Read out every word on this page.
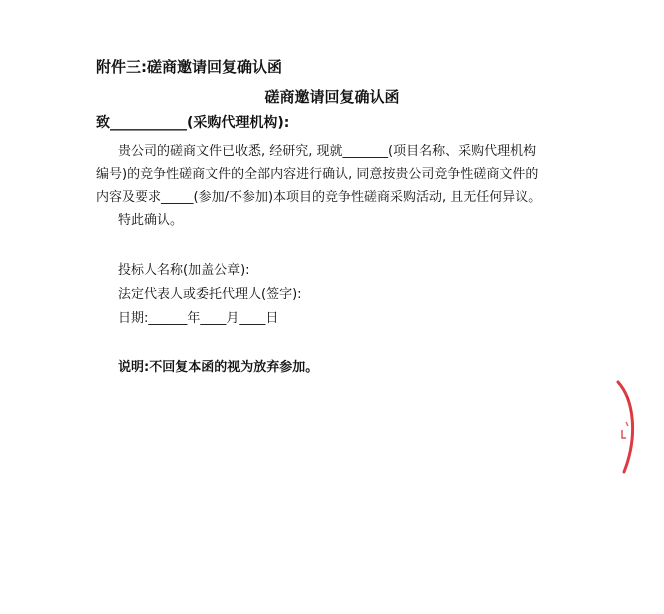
附件三:磋商邀请回复确认函
磋商邀请回复确认函
致___________(采购代理机构):
贵公司的磋商文件已收悉, 经研究, 现就_______(项目名称、采购代理机构
编号)的竞争性磋商文件的全部内容进行确认, 同意按贵公司竞争性磋商文件的
内容及要求_____(参加/不参加)本项目的竞争性磋商采购活动, 且无任何异议。
特此确认。
投标人名称(加盖公章):
法定代表人或委托代理人(签字):
日期:______年____月____日
说明:不回复本函的视为放弃参加。
